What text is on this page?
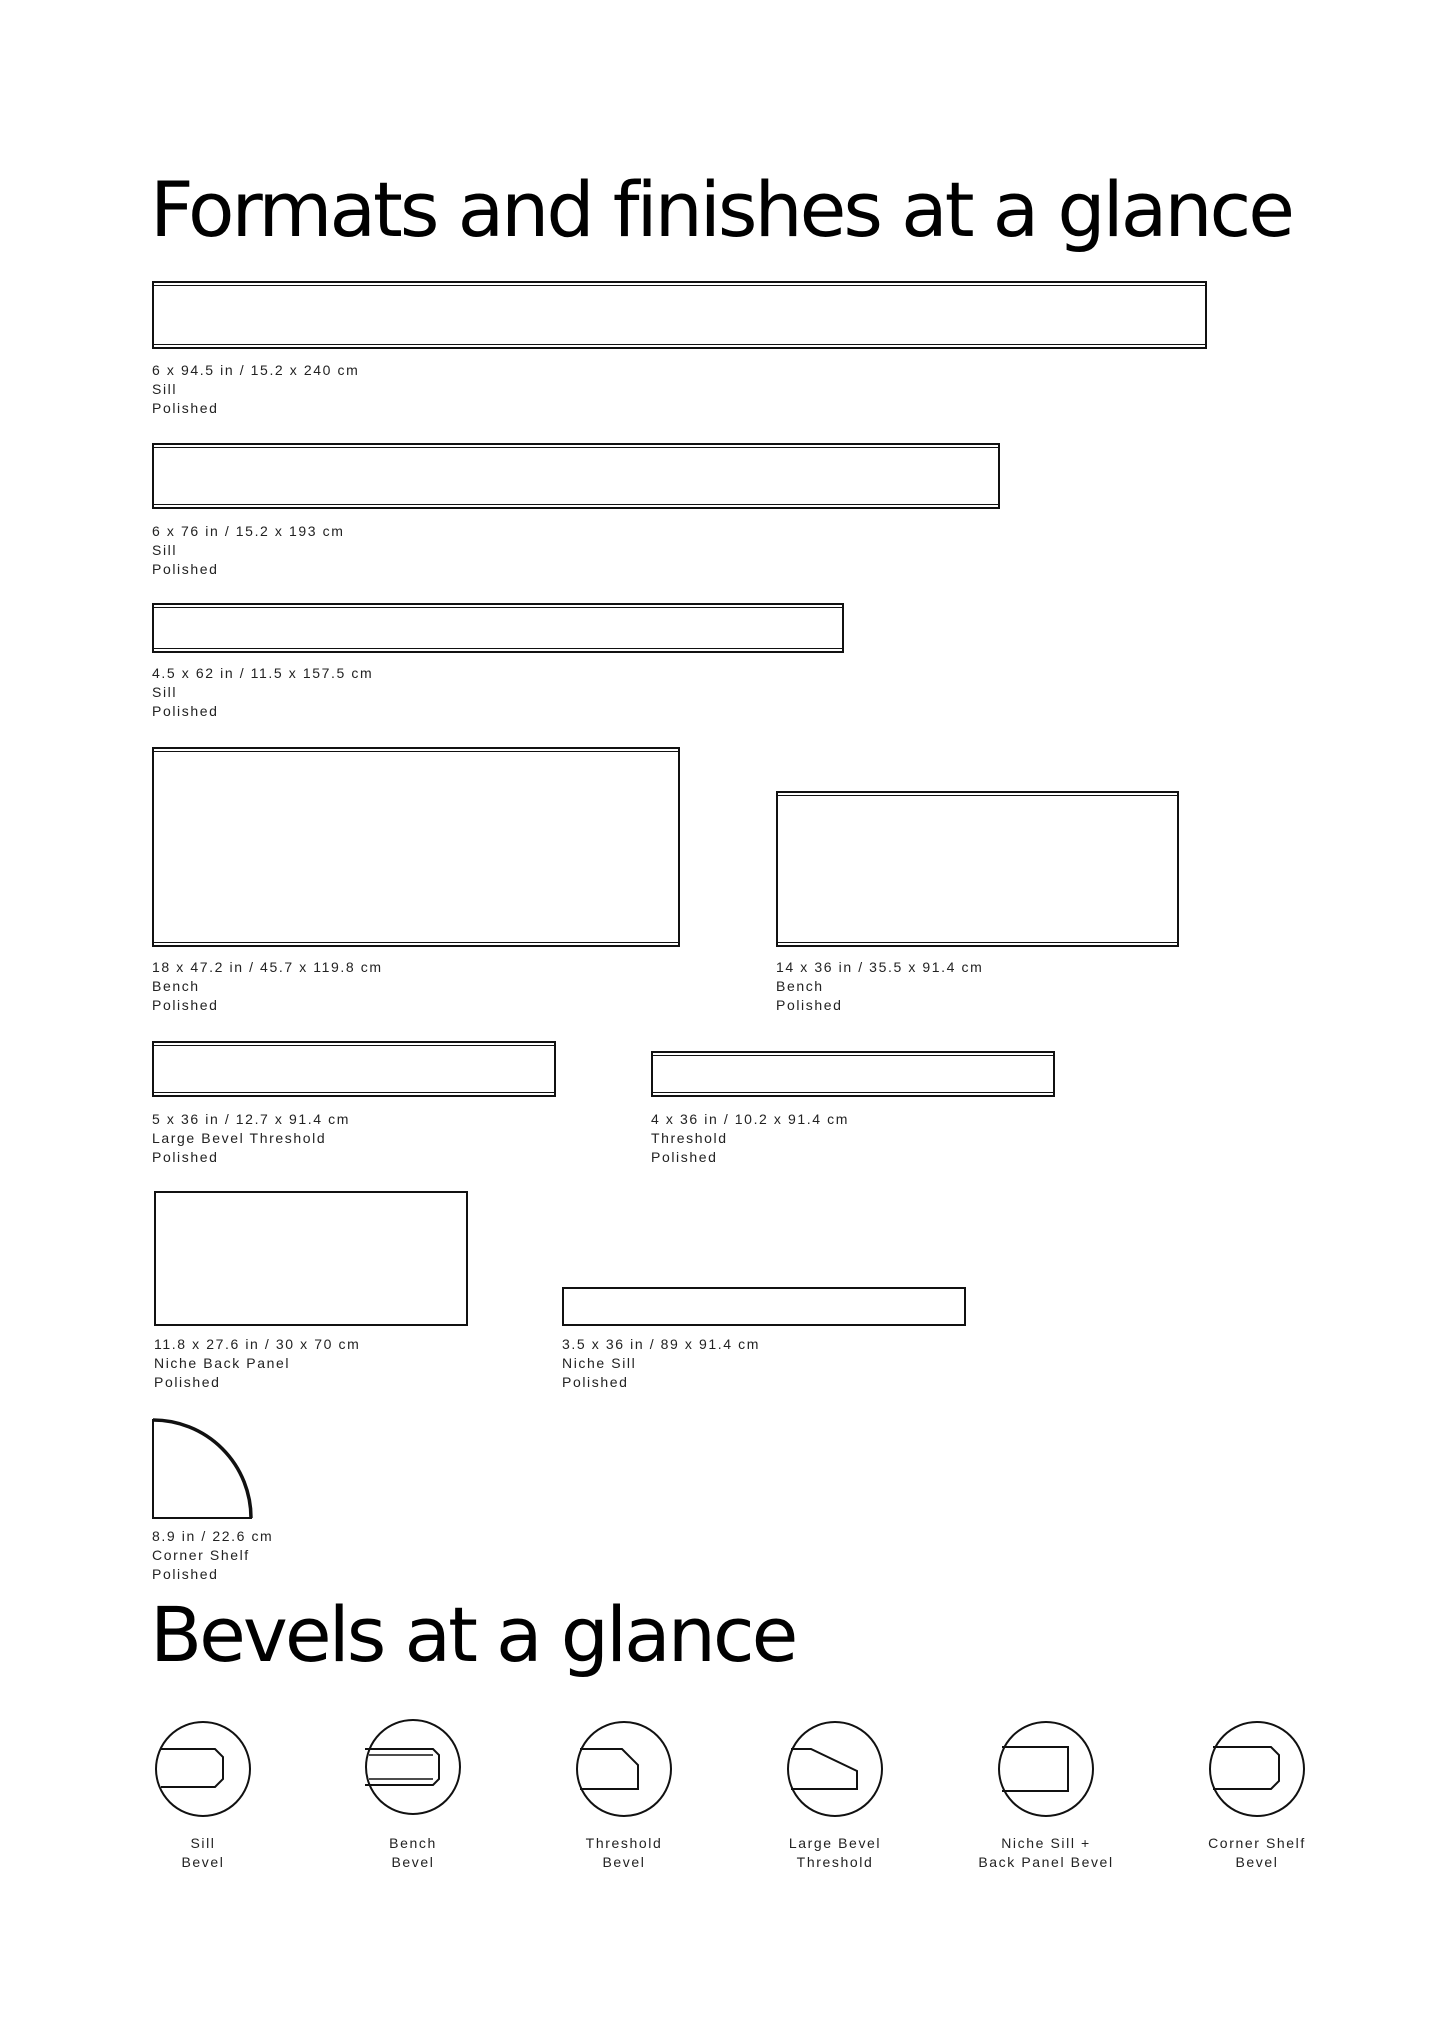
Formats and finishes at a glance
6 x 94.5 in / 15.2 x 240 cm
Sill
Polished
6 x 76 in / 15.2 x 193 cm
Sill
Polished
4.5 x 62 in / 11.5 x 157.5 cm
Sill
Polished
18 x 47.2 in / 45.7 x 119.8 cm
Bench
Polished
14 x 36 in / 35.5 x 91.4 cm
Bench
Polished
5 x 36 in / 12.7 x 91.4 cm
Large Bevel Threshold
Polished
4 x 36 in / 10.2 x 91.4 cm
Threshold
Polished
11.8 x 27.6 in / 30 x 70 cm
Niche Back Panel
Polished
3.5 x 36 in / 89 x 91.4 cm
Niche Sill
Polished
8.9 in / 22.6 cm
Corner Shelf
Polished
Bevels at a glance
Sill
Bevel
Bench
Bevel
Threshold
Bevel
Large Bevel
Threshold
Niche Sill +
Back Panel Bevel
Corner Shelf
Bevel
